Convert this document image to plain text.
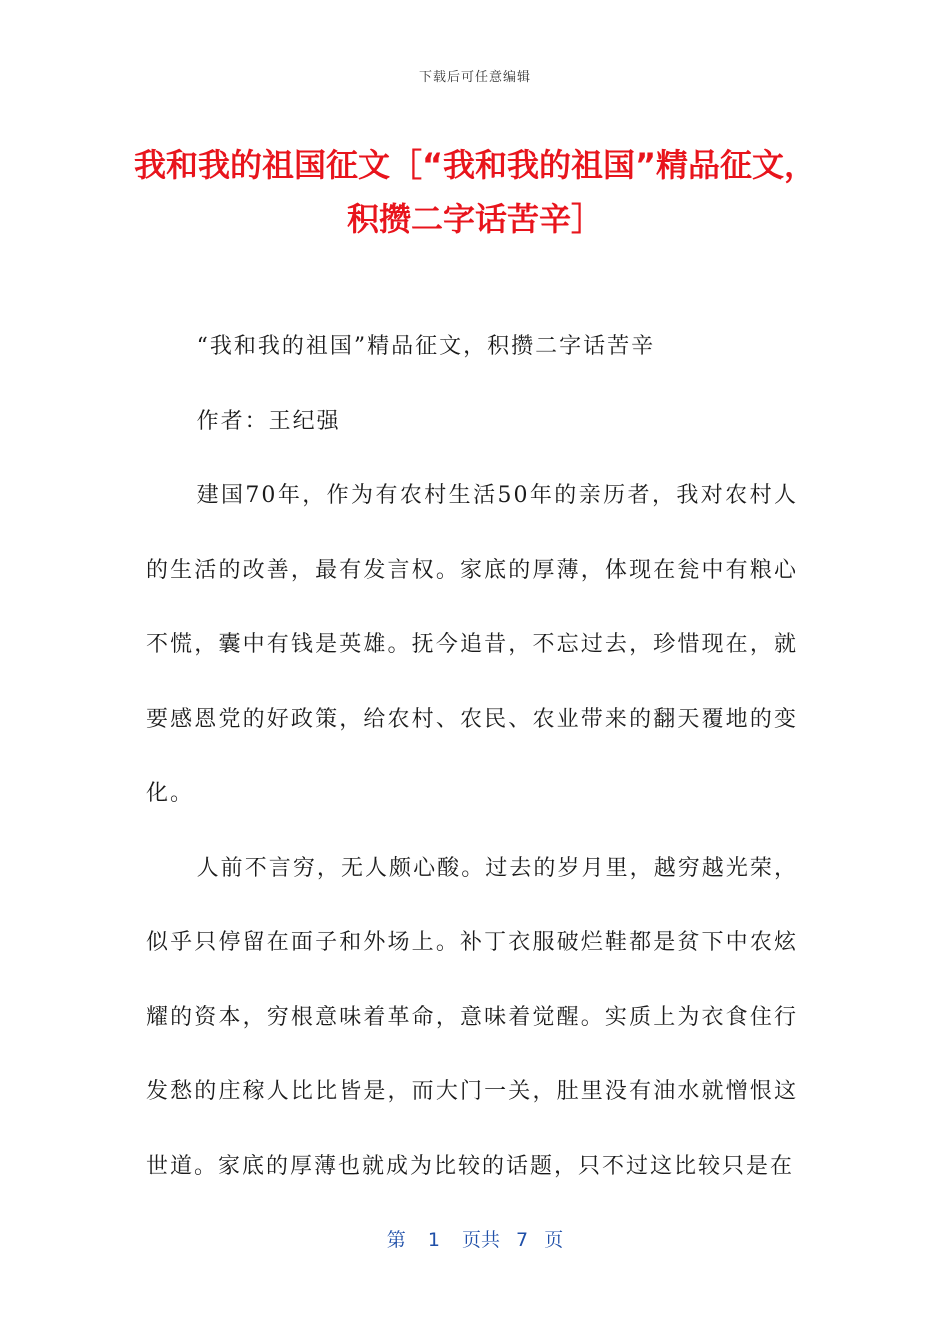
下载后可任意编辑
我和我的祖国征文［“我和我的祖国”精品征文，积攒二字话苦辛］

“我和我的祖国”精品征文，积攒二字话苦辛

作者：王纪强

建国70年，作为有农村生活50年的亲历者，我对农村人的生活的改善，最有发言权。家底的厚薄，体现在瓮中有粮心不慌，囊中有钱是英雄。抚今追昔，不忘过去，珍惜现在，就要感恩党的好政策，给农村、农民、农业带来的翻天覆地的变化。

人前不言穷，无人颇心酸。过去的岁月里，越穷越光荣，似乎只停留在面子和外场上。补丁衣服破烂鞋都是贫下中农炫耀的资本，穷根意味着革命，意味着觉醒。实质上为衣食住行发愁的庄稼人比比皆是，而大门一关，肚里没有油水就憎恨这世道。家底的厚薄也就成为比较的话题，只不过这比较只是在

第 1 页共 7 页
